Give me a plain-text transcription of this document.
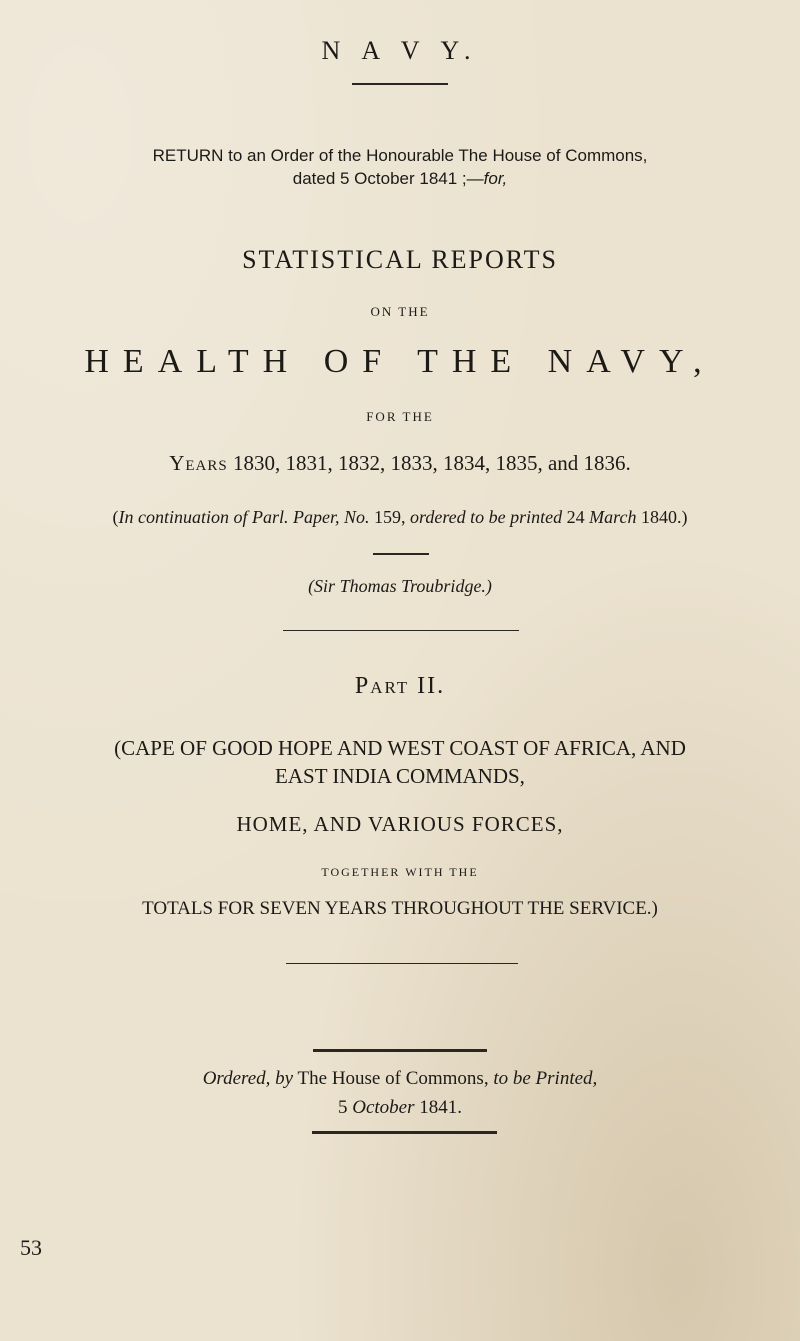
N A V Y.
RETURN to an Order of the Honourable The House of Commons,
dated 5 October 1841 ;—for,
STATISTICAL REPORTS
ON THE
HEALTH OF THE NAVY,
FOR THE
Years 1830, 1831, 1832, 1833, 1834, 1835, and 1836.
(In continuation of Parl. Paper, No. 159, ordered to be printed 24 March 1840.)
(Sir Thomas Troubridge.)
Part II.
(CAPE OF GOOD HOPE AND WEST COAST OF AFRICA, AND
EAST INDIA COMMANDS,
HOME, AND VARIOUS FORCES,
TOGETHER WITH THE
TOTALS FOR SEVEN YEARS THROUGHOUT THE SERVICE.)
Ordered, by The House of Commons, to be Printed,
5 October 1841.
53
